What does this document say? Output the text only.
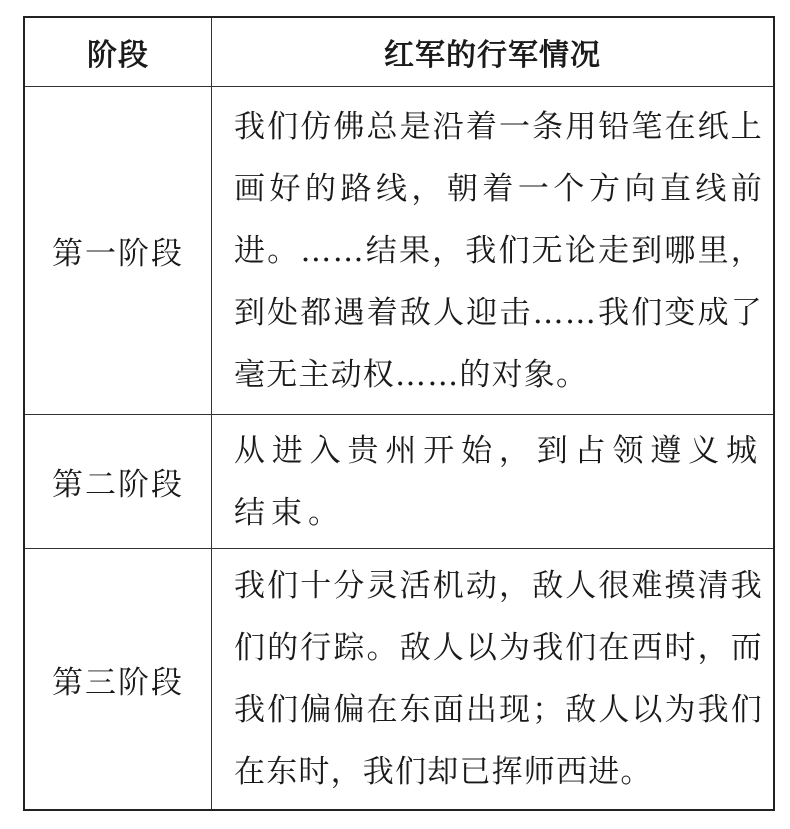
阶段	红军的行军情况
第一阶段
我们仿佛总是沿着一条用铅笔在纸上画好的路线，朝着一个方向直线前进。……结果，我们无论走到哪里，到处都遇着敌人迎击……我们变成了毫无主动权……的对象。
第二阶段
从进入贵州开始，到占领遵义城结束。
第三阶段
我们十分灵活机动，敌人很难摸清我们的行踪。敌人以为我们在西时，而我们偏偏在东面出现；敌人以为我们在东时，我们却已挥师西进。
